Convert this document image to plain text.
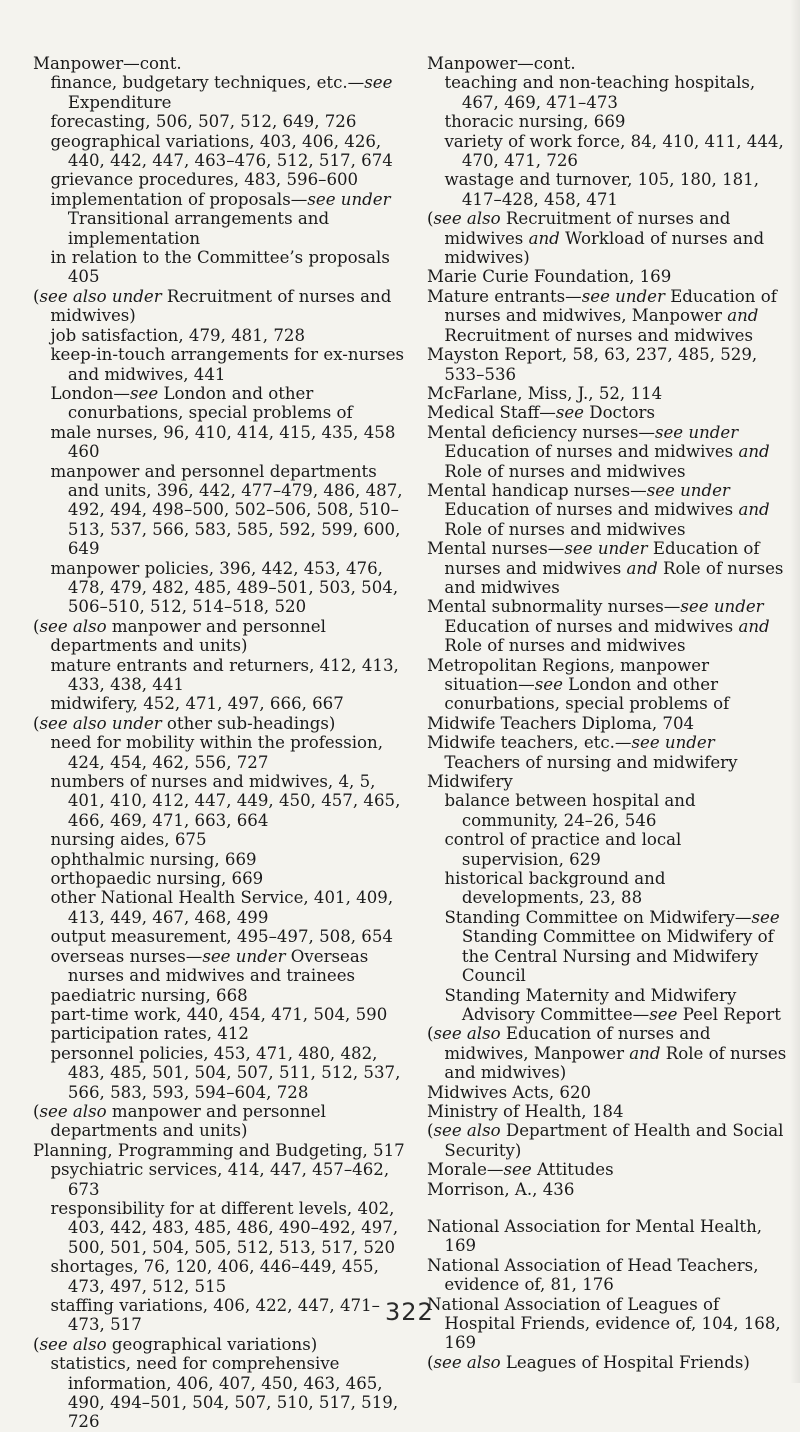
Manpower—cont.

finance, budgetary techniques, etc.—see Expenditure

forecasting, 506, 507, 512, 649, 726

geographical variations, 403, 406, 426, 440, 442, 447, 463–476, 512, 517, 674

grievance procedures, 483, 596–600

implementation of proposals—see under Transitional arrangements and implementation

in relation to the Committee’s proposals 405

(see also under Recruitment of nurses and midwives)

job satisfaction, 479, 481, 728

keep-in-touch arrangements for ex-nurses and midwives, 441

London—see London and other conurbations, special problems of

male nurses, 96, 410, 414, 415, 435, 458 460

manpower and personnel departments and units, 396, 442, 477–479, 486, 487, 492, 494, 498–500, 502–506, 508, 510–513, 537, 566, 583, 585, 592, 599, 600, 649

manpower policies, 396, 442, 453, 476, 478, 479, 482, 485, 489–501, 503, 504, 506–510, 512, 514–518, 520

(see also manpower and personnel departments and units)

mature entrants and returners, 412, 413, 433, 438, 441

midwifery, 452, 471, 497, 666, 667

(see also under other sub-headings)

need for mobility within the profession, 424, 454, 462, 556, 727

numbers of nurses and midwives, 4, 5, 401, 410, 412, 447, 449, 450, 457, 465, 466, 469, 471, 663, 664

nursing aides, 675

ophthalmic nursing, 669

orthopaedic nursing, 669

other National Health Service, 401, 409, 413, 449, 467, 468, 499

output measurement, 495–497, 508, 654

overseas nurses—see under Overseas nurses and midwives and trainees

paediatric nursing, 668

part-time work, 440, 454, 471, 504, 590

participation rates, 412

personnel policies, 453, 471, 480, 482, 483, 485, 501, 504, 507, 511, 512, 537, 566, 583, 593, 594–604, 728

(see also manpower and personnel departments and units)

Planning, Programming and Budgeting, 517

psychiatric services, 414, 447, 457–462, 673

responsibility for at different levels, 402, 403, 442, 483, 485, 486, 490–492, 497, 500, 501, 504, 505, 512, 513, 517, 520

shortages, 76, 120, 406, 446–449, 455, 473, 497, 512, 515

staffing variations, 406, 422, 447, 471–473, 517

(see also geographical variations)

statistics, need for comprehensive information, 406, 407, 450, 463, 465, 490, 494–501, 504, 507, 510, 517, 519, 726

Manpower—cont.

teaching and non-teaching hospitals, 467, 469, 471–473

thoracic nursing, 669

variety of work force, 84, 410, 411, 444, 470, 471, 726

wastage and turnover, 105, 180, 181, 417–428, 458, 471

(see also Recruitment of nurses and midwives and Workload of nurses and midwives)

Marie Curie Foundation, 169

Mature entrants—see under Education of nurses and midwives, Manpower and Recruitment of nurses and midwives

Mayston Report, 58, 63, 237, 485, 529, 533–536

McFarlane, Miss, J., 52, 114

Medical Staff—see Doctors

Mental deficiency nurses—see under Education of nurses and midwives and Role of nurses and midwives

Mental handicap nurses—see under Education of nurses and midwives and Role of nurses and midwives

Mental nurses—see under Education of nurses and midwives and Role of nurses and midwives

Mental subnormality nurses—see under Education of nurses and midwives and Role of nurses and midwives

Metropolitan Regions, manpower situation—see London and other conurbations, special problems of

Midwife Teachers Diploma, 704

Midwife teachers, etc.—see under Teachers of nursing and midwifery

Midwifery

balance between hospital and community, 24–26, 546

control of practice and local supervision, 629

historical background and developments, 23, 88

Standing Committee on Midwifery—see Standing Committee on Midwifery of the Central Nursing and Midwifery Council

Standing Maternity and Midwifery Advisory Committee—see Peel Report

(see also Education of nurses and midwives, Manpower and Role of nurses and midwives)

Midwives Acts, 620

Ministry of Health, 184

(see also Department of Health and Social Security)

Morale—see Attitudes

Morrison, A., 436

National Association for Mental Health, 169

National Association of Head Teachers, evidence of, 81, 176

National Association of Leagues of Hospital Friends, evidence of, 104, 168, 169

(see also Leagues of Hospital Friends)

322
